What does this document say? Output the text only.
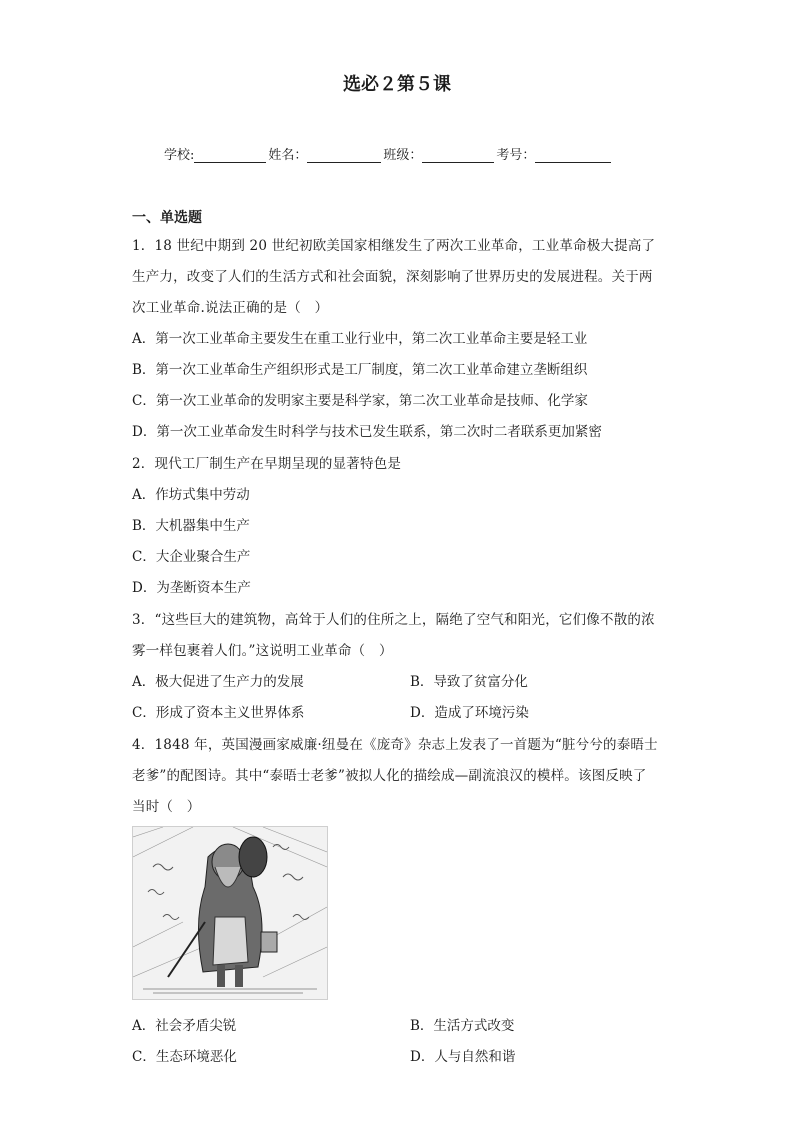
选必２第５课
学校:	姓名：	班级：	考号：
一、单选题
1．18 世纪中期到 20 世纪初欧美国家相继发生了两次工业革命，工业革命极大提高了
生产力，改变了人们的生活方式和社会面貌，深刻影响了世界历史的发展进程。关于两
次工业革命.说法正确的是（　）
A．第一次工业革命主要发生在重工业行业中，第二次工业革命主要是轻工业
B．第一次工业革命生产组织形式是工厂制度，第二次工业革命建立垄断组织
C．第一次工业革命的发明家主要是科学家，第二次工业革命是技师、化学家
D．第一次工业革命发生时科学与技术已发生联系，第二次时二者联系更加紧密
2．现代工厂制生产在早期呈现的显著特色是
A．作坊式集中劳动
B．大机器集中生产
C．大企业聚合生产
D．为垄断资本生产
3．“这些巨大的建筑物，高耸于人们的住所之上，隔绝了空气和阳光，它们像不散的浓
雾一样包裹着人们。”这说明工业革命（　）
A．极大促进了生产力的发展	B．导致了贫富分化
C．形成了资本主义世界体系	D．造成了环境污染
4．1848 年，英国漫画家威廉·纽曼在《庞奇》杂志上发表了一首题为“脏兮兮的泰晤士
老爹”的配图诗。其中“泰晤士老爹”被拟人化的描绘成—副流浪汉的模样。该图反映了
当时（　）
A．社会矛盾尖锐	B．生活方式改变
C．生态环境恶化	D．人与自然和谐
